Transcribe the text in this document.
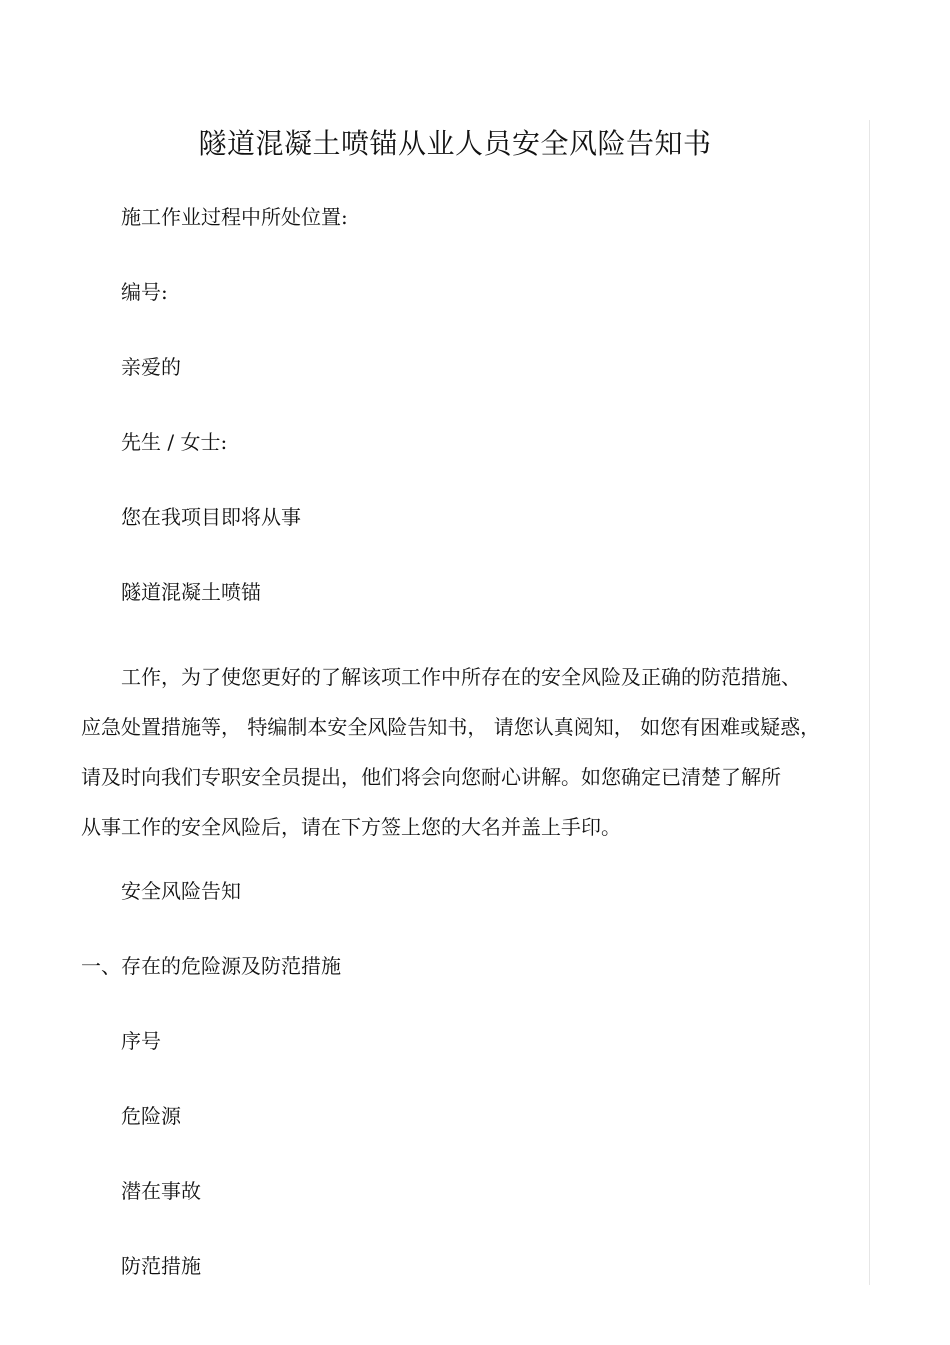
隧道混凝土喷锚从业人员安全风险告知书

施工作业过程中所处位置:

编号:

亲爱的

先生 / 女士:

您在我项目即将从事

隧道混凝土喷锚

工作，为了使您更好的了解该项工作中所存在的安全风险及正确的防范措施、
应急处置措施等， 特编制本安全风险告知书， 请您认真阅知， 如您有困难或疑惑，
请及时向我们专职安全员提出，他们将会向您耐心讲解。如您确定已清楚了解所
从事工作的安全风险后，请在下方签上您的大名并盖上手印。

安全风险告知

一、存在的危险源及防范措施

序号

危险源

潜在事故

防范措施
